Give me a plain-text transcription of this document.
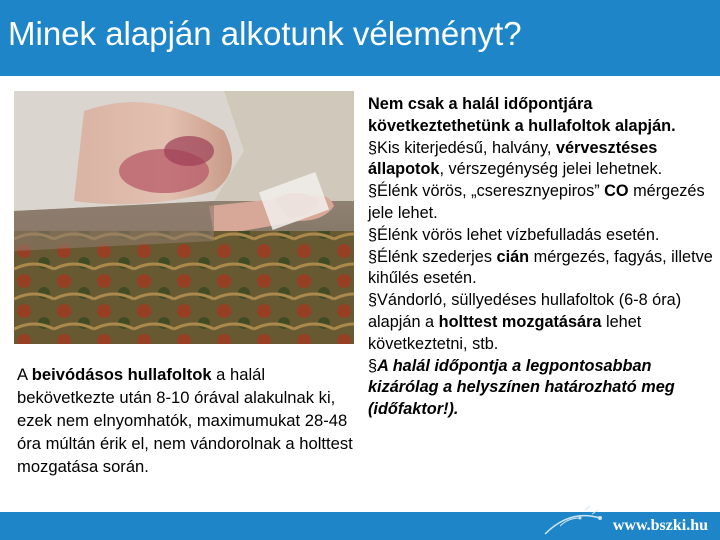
Minek alapján alkotunk véleményt?
A beivódásos hullafoltok a halál bekövetkezte után 8-10 órával alakulnak ki, ezek nem elnyomhatók, maximumukat 28-48 óra múltán érik el, nem vándorolnak a holttest mozgatása során.

Nem csak a halál időpontjára következtethetünk a hullafoltok alapján.

§Kis kiterjedésű, halvány, vérvesztéses állapotok, vérszegénység jelei lehetnek.

§Élénk vörös, „cseresznyepiros” CO mérgezés jele lehet.

§Élénk vörös lehet vízbefulladás esetén.

§Élénk szederjes cián mérgezés, fagyás, illetve kihűlés esetén.

§Vándorló, süllyedéses hullafoltok (6-8 óra) alapján a holttest mozgatására lehet következtetni, stb.

§A halál időpontja a legpontosabban kizárólag a helyszínen határozható meg (időfaktor!).

www.bszki.hu
